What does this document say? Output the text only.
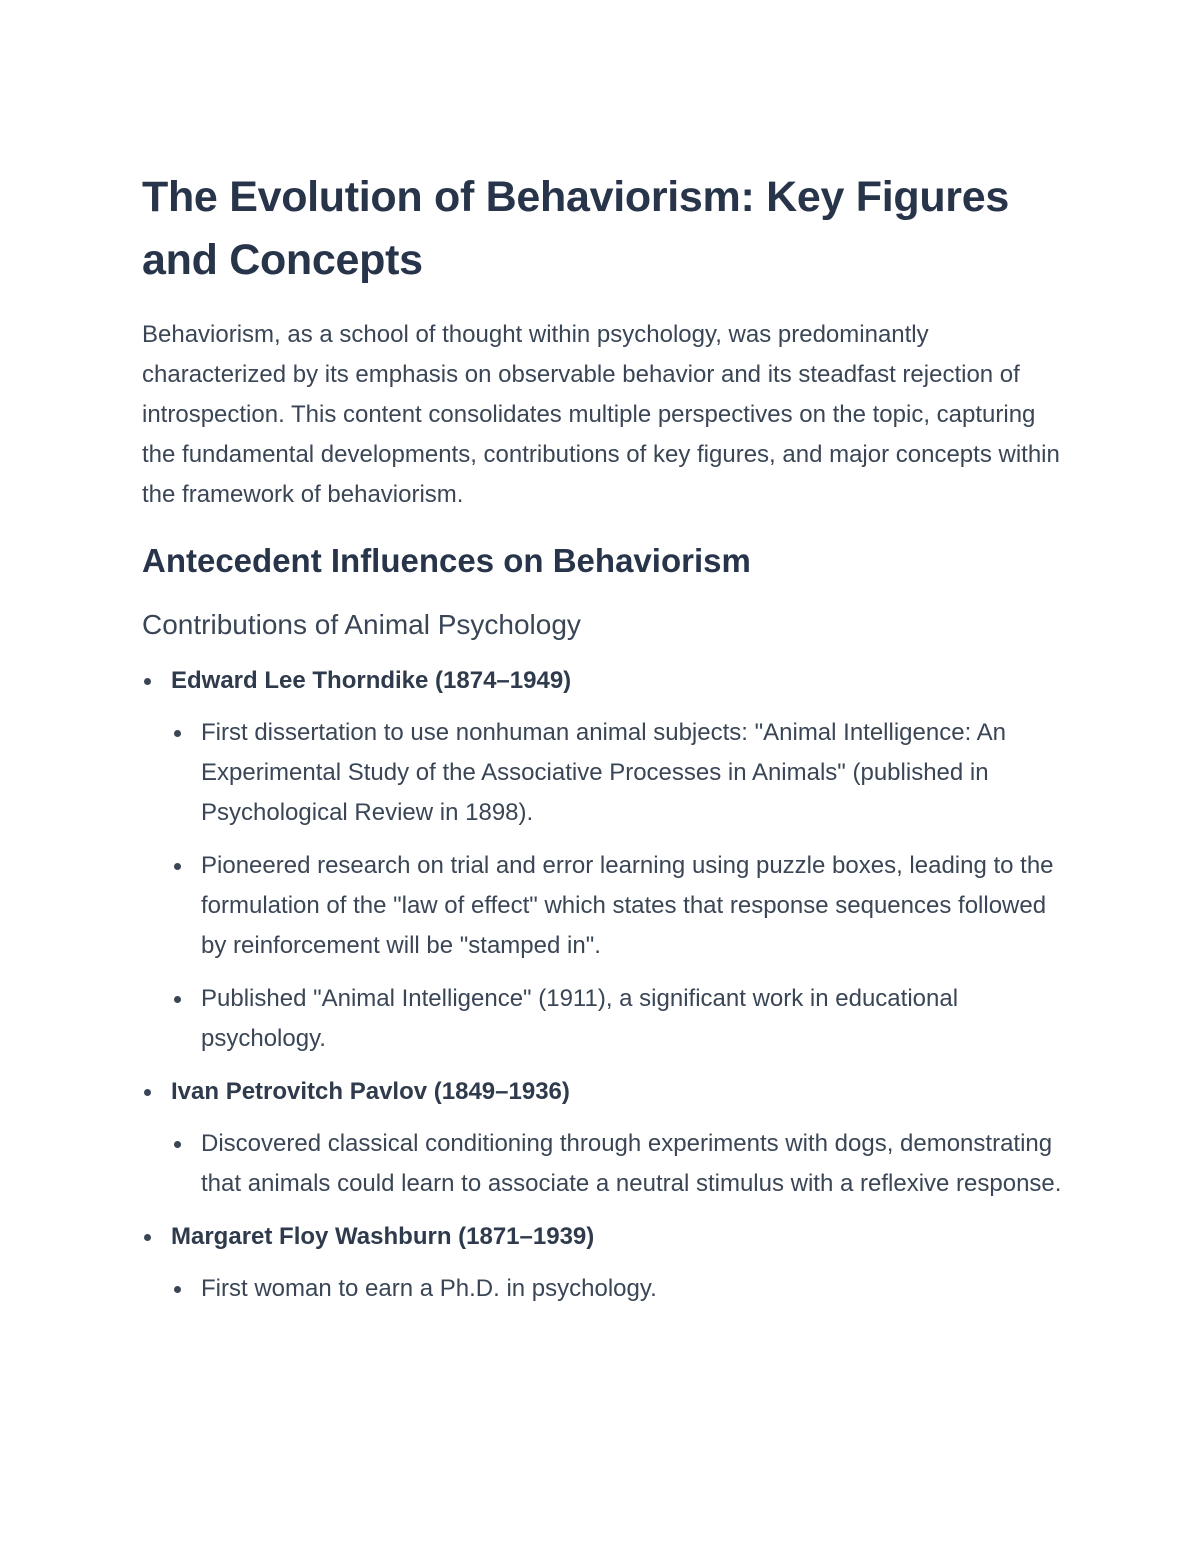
The Evolution of Behaviorism: Key Figures and Concepts

Behaviorism, as a school of thought within psychology, was predominantly characterized by its emphasis on observable behavior and its steadfast rejection of introspection. This content consolidates multiple perspectives on the topic, capturing the fundamental developments, contributions of key figures, and major concepts within the framework of behaviorism.

Antecedent Influences on Behaviorism
Contributions of Animal Psychology
Edward Lee Thorndike (1874–1949)
First dissertation to use nonhuman animal subjects: "Animal Intelligence: An Experimental Study of the Associative Processes in Animals" (published in Psychological Review in 1898).
Pioneered research on trial and error learning using puzzle boxes, leading to the formulation of the "law of effect" which states that response sequences followed by reinforcement will be "stamped in".
Published "Animal Intelligence" (1911), a significant work in educational psychology.
Ivan Petrovitch Pavlov (1849–1936)
Discovered classical conditioning through experiments with dogs, demonstrating that animals could learn to associate a neutral stimulus with a reflexive response.
Margaret Floy Washburn (1871–1939)
First woman to earn a Ph.D. in psychology.
